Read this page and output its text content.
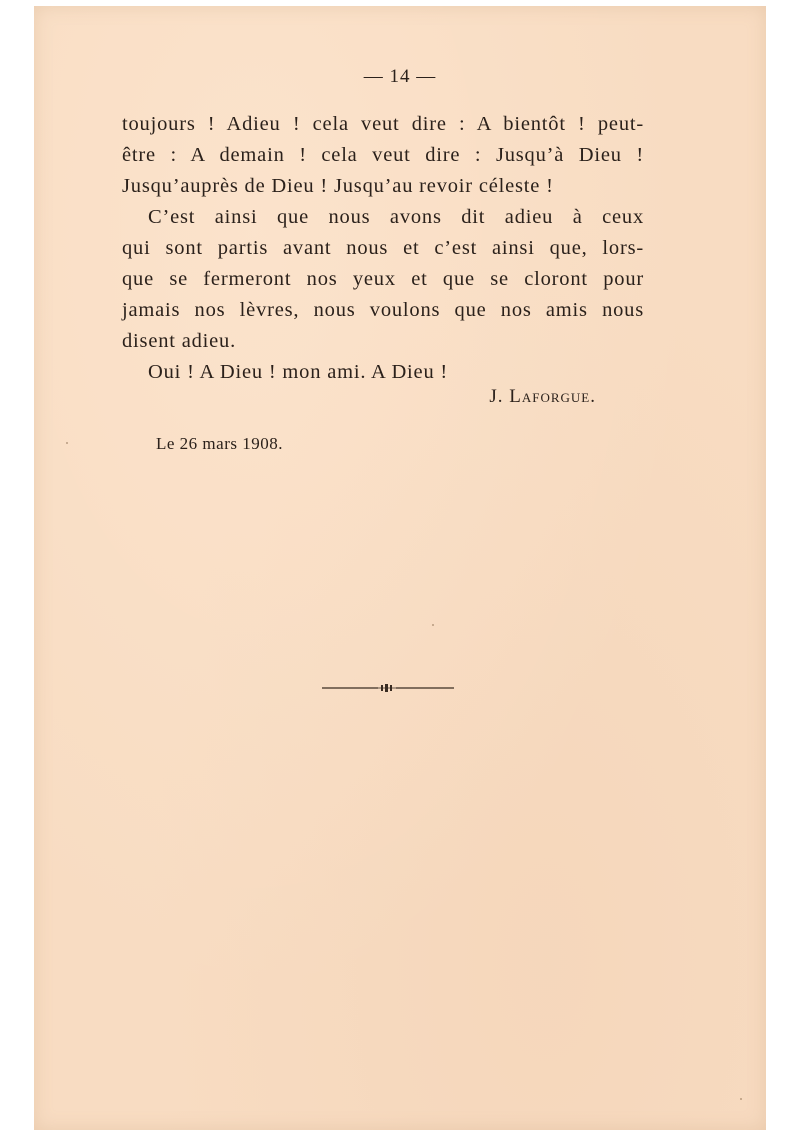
— 14 —
toujours ! Adieu ! cela veut dire : A bientôt ! peut-
être : A demain ! cela veut dire : Jusqu’à Dieu !
Jusqu’auprès de Dieu ! Jusqu’au revoir céleste !
C’est ainsi que nous avons dit adieu à ceux
qui sont partis avant nous et c’est ainsi que, lors-
que se fermeront nos yeux et que se cloront pour
jamais nos lèvres, nous voulons que nos amis nous
disent adieu.
Oui ! A Dieu ! mon ami. A Dieu !
J. Laforgue.
Le 26 mars 1908.
